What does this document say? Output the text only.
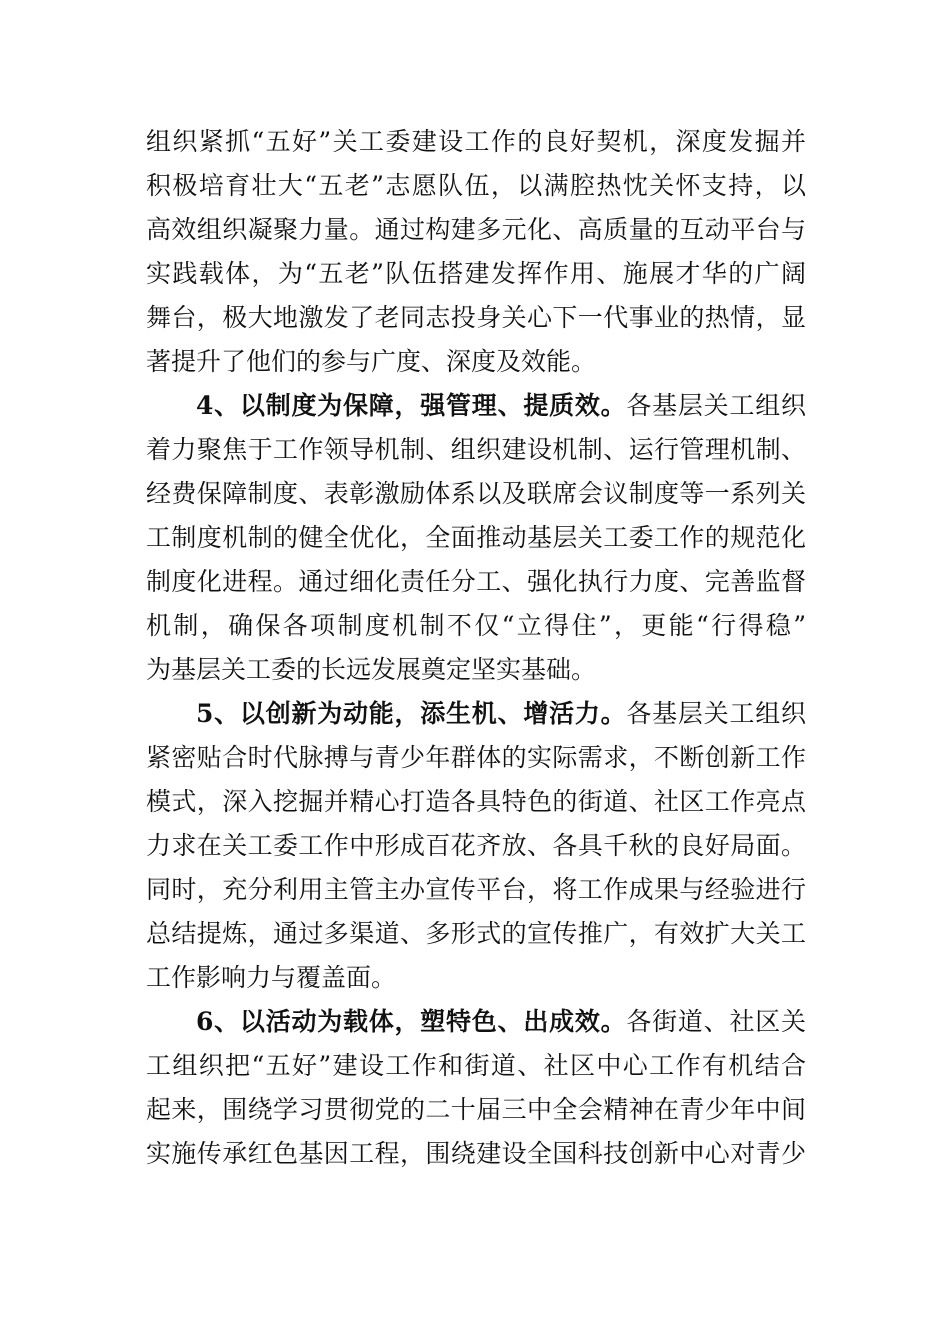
组织紧抓“五好”关工委建设工作的良好契机，深度发掘并
积极培育壮大“五老”志愿队伍，以满腔热忱关怀支持，以
高效组织凝聚力量。通过构建多元化、高质量的互动平台与
实践载体，为“五老”队伍搭建发挥作用、施展才华的广阔
舞台，极大地激发了老同志投身关心下一代事业的热情，显
著提升了他们的参与广度、深度及效能。
4、以制度为保障，强管理、提质效。各基层关工组织
着力聚焦于工作领导机制、组织建设机制、运行管理机制、
经费保障制度、表彰激励体系以及联席会议制度等一系列关
工制度机制的健全优化，全面推动基层关工委工作的规范化
制度化进程。通过细化责任分工、强化执行力度、完善监督
机制，确保各项制度机制不仅“立得住”，更能“行得稳”
为基层关工委的长远发展奠定坚实基础。
5、以创新为动能，添生机、增活力。各基层关工组织
紧密贴合时代脉搏与青少年群体的实际需求，不断创新工作
模式，深入挖掘并精心打造各具特色的街道、社区工作亮点
力求在关工委工作中形成百花齐放、各具千秋的良好局面。
同时，充分利用主管主办宣传平台，将工作成果与经验进行
总结提炼，通过多渠道、多形式的宣传推广，有效扩大关工
工作影响力与覆盖面。
6、以活动为载体，塑特色、出成效。各街道、社区关
工组织把“五好”建设工作和街道、社区中心工作有机结合
起来，围绕学习贯彻党的二十届三中全会精神在青少年中间
实施传承红色基因工程，围绕建设全国科技创新中心对青少
